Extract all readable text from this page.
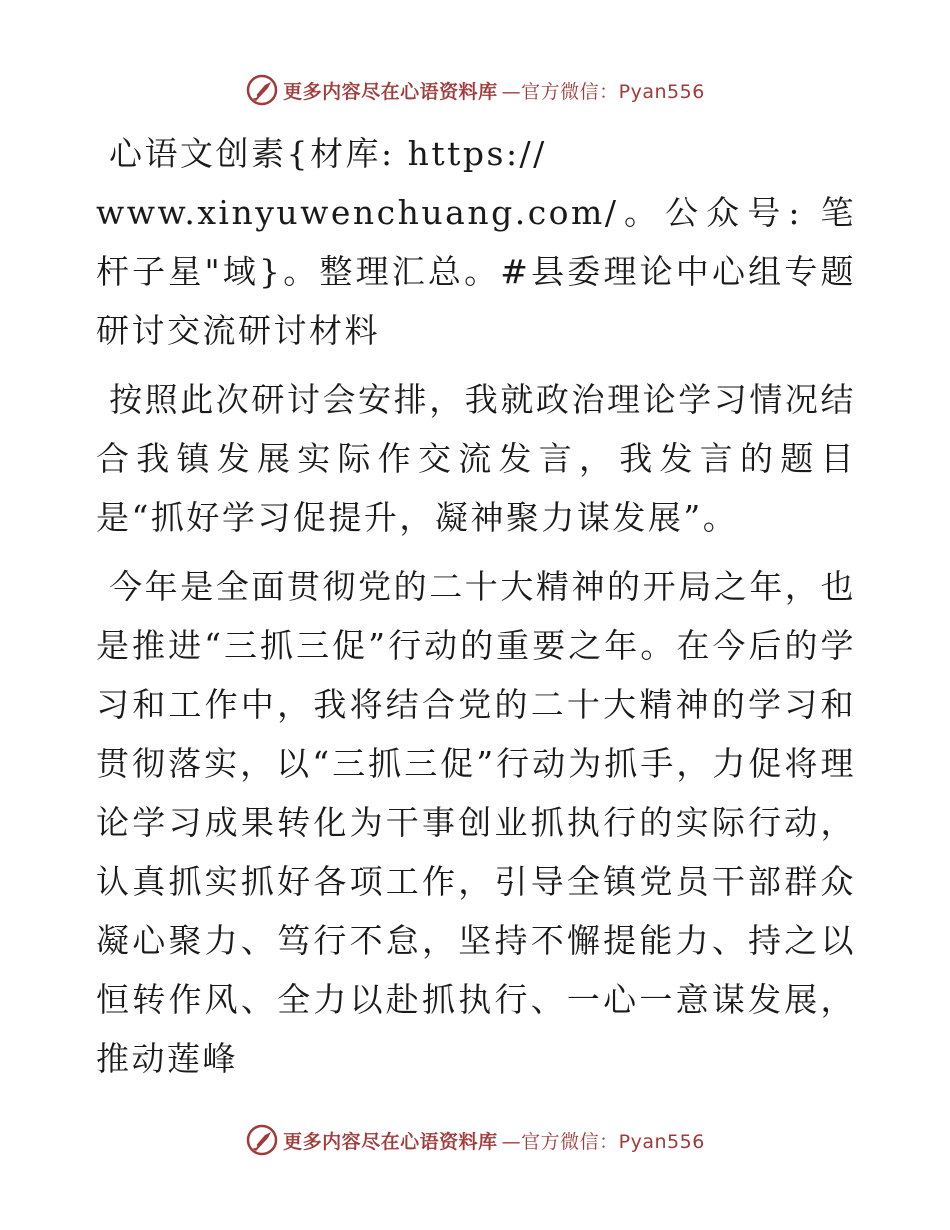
更多内容尽在心语资料库 —官方微信：Pyan556

心语文创素{材库: https://
www.xinyuwenchuang.com/。公众号: 笔杆子星"域}。整理汇总。#县委理论中心组专题研讨交流研讨材料

按照此次研讨会安排，我就政治理论学习情况结合我镇发展实际作交流发言，我发言的题目是“抓好学习促提升，凝神聚力谋发展”。

今年是全面贯彻党的二十大精神的开局之年，也是推进“三抓三促”行动的重要之年。在今后的学习和工作中，我将结合党的二十大精神的学习和贯彻落实，以“三抓三促”行动为抓手，力促将理论学习成果转化为干事创业抓执行的实际行动，认真抓实抓好各项工作，引导全镇党员干部群众凝心聚力、笃行不怠，坚持不懈提能力、持之以恒转作风、全力以赴抓执行、一心一意谋发展，推动莲峰

更多内容尽在心语资料库 —官方微信：Pyan556
